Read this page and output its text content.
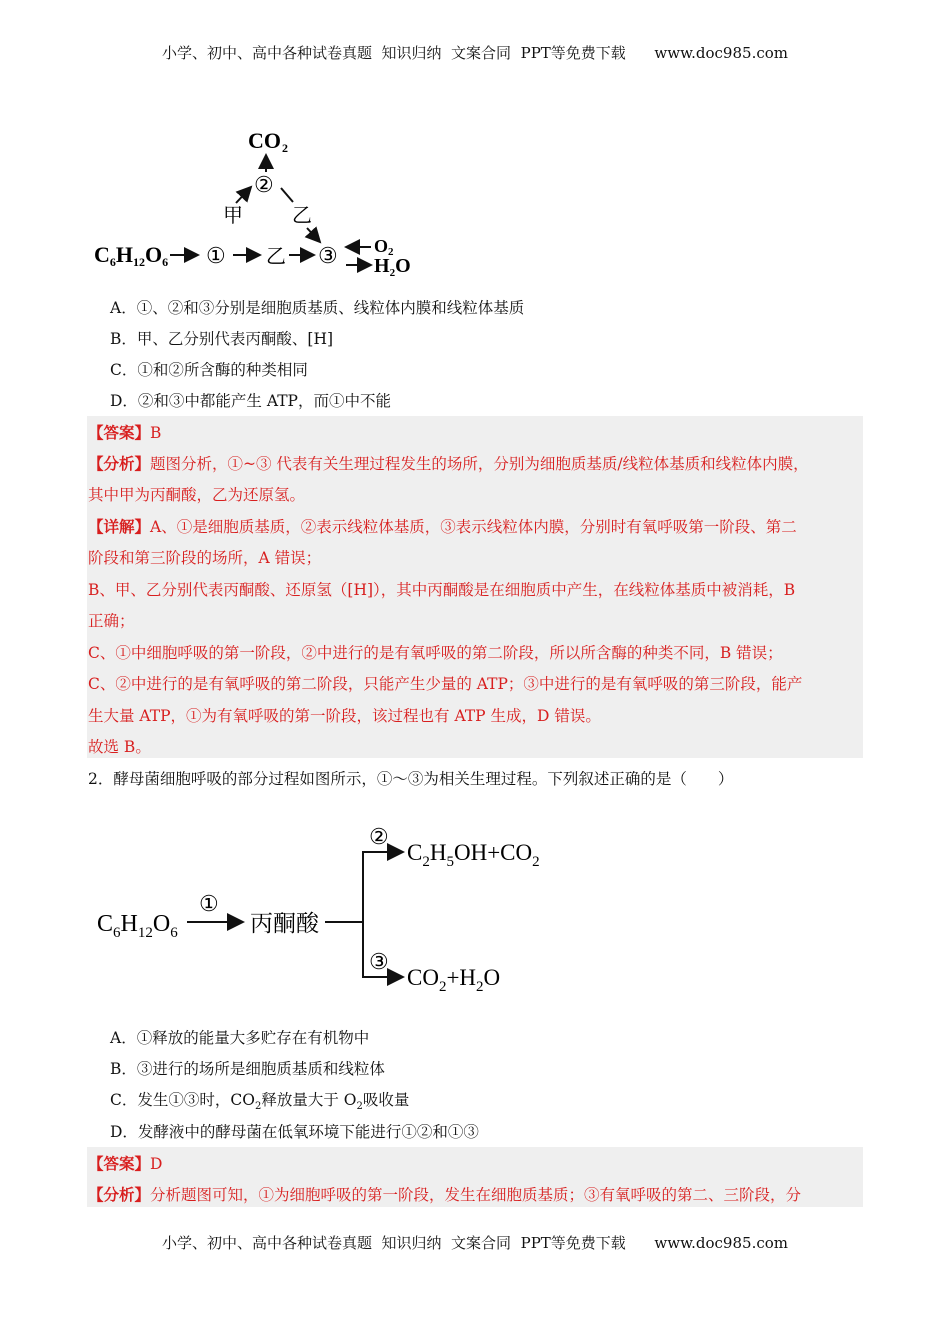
小学、初中、高中各种试卷真题  知识归纳  文案合同  PPT等免费下载      www.doc985.com
CO 2
②
甲 乙
C6H12O6 ① 乙 ③ O2
$H_2O$
A．①、②和③分别是细胞质基质、线粒体内膜和线粒体基质
B．甲、乙分别代表丙酮酸、[H]
C．①和②所含酶的种类相同
D．②和③中都能产生 ATP，而①中不能
【答案】B
【分析】题图分析，①~③ 代表有关生理过程发生的场所，分别为细胞质基质/线粒体基质和线粒体内膜，
其中甲为丙酮酸，乙为还原氢。
【详解】A、①是细胞质基质，②表示线粒体基质，③表示线粒体内膜，分别时有氧呼吸第一阶段、第二
阶段和第三阶段的场所，A 错误；
B、甲、乙分别代表丙酮酸、还原氢（[H]），其中丙酮酸是在细胞质中产生，在线粒体基质中被消耗，B
正确；
C、①中细胞呼吸的第一阶段，②中进行的是有氧呼吸的第二阶段，所以所含酶的种类不同，B 错误；
C、②中进行的是有氧呼吸的第二阶段，只能产生少量的 ATP；③中进行的是有氧呼吸的第三阶段，能产
生大量 ATP，①为有氧呼吸的第一阶段，该过程也有 ATP 生成，D 错误。
故选 B。
2．酵母菌细胞呼吸的部分过程如图所示，①～③为相关生理过程。下列叙述正确的是（　　）
$C_6H_{12}O_6$
①
丙酮酸
②
③
$C_2H_5OH+CO_2$
$CO_2+H_2O$
A．①释放的能量大多贮存在有机物中
B．③进行的场所是细胞质基质和线粒体
C．发生①③时，$CO_2$释放量大于 $O_2$吸收量
D．发酵液中的酵母菌在低氧环境下能进行①②和①③
【答案】D
【分析】分析题图可知，①为细胞呼吸的第一阶段，发生在细胞质基质；③有氧呼吸的第二、三阶段，分
小学、初中、高中各种试卷真题  知识归纳  文案合同  PPT等免费下载      www.doc985.com
